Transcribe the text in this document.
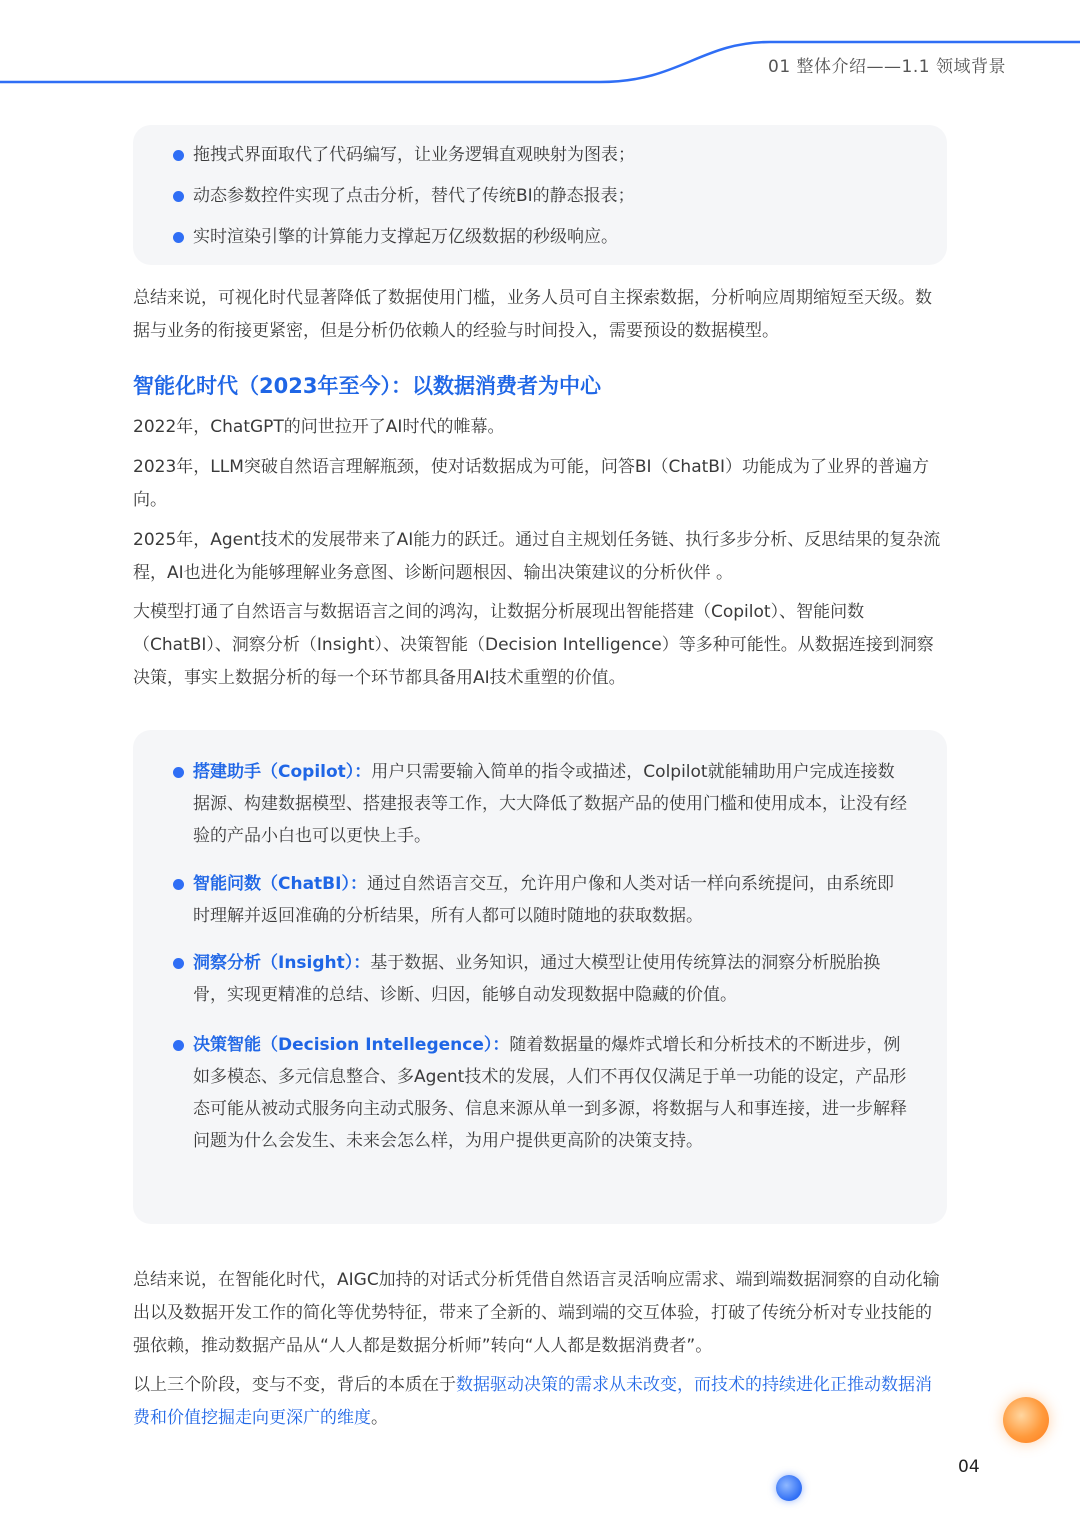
01 整体介绍——1.1 领域背景
拖拽式界面取代了代码编写，让业务逻辑直观映射为图表；
动态参数控件实现了点击分析，替代了传统BI的静态报表；
实时渲染引擎的计算能力支撑起万亿级数据的秒级响应。
总结来说，可视化时代显著降低了数据使用门槛，业务人员可自主探索数据，分析响应周期缩短至天级。数据与业务的衔接更紧密，但是分析仍依赖人的经验与时间投入，需要预设的数据模型。
智能化时代（2023年至今）：以数据消费者为中心
2022年，ChatGPT的问世拉开了AI时代的帷幕。
2023年，LLM突破自然语言理解瓶颈，使对话数据成为可能，问答BI（ChatBI）功能成为了业界的普遍方向。
2025年，Agent技术的发展带来了AI能力的跃迁。通过自主规划任务链、执行多步分析、反思结果的复杂流程，AI也进化为能够理解业务意图、诊断问题根因、输出决策建议的分析伙伴 。
大模型打通了自然语言与数据语言之间的鸿沟，让数据分析展现出智能搭建（Copilot）、智能问数（ChatBI）、洞察分析（Insight）、决策智能（Decision Intelligence）等多种可能性。从数据连接到洞察决策，事实上数据分析的每一个环节都具备用AI技术重塑的价值。
搭建助手（Copilot）：用户只需要输入简单的指令或描述，Colpilot就能辅助用户完成连接数据源、构建数据模型、搭建报表等工作，大大降低了数据产品的使用门槛和使用成本，让没有经验的产品小白也可以更快上手。
智能问数（ChatBI）：通过自然语言交互，允许用户像和人类对话一样向系统提问，由系统即时理解并返回准确的分析结果，所有人都可以随时随地的获取数据。
洞察分析（Insight）：基于数据、业务知识，通过大模型让使用传统算法的洞察分析脱胎换骨，实现更精准的总结、诊断、归因，能够自动发现数据中隐藏的价值。
决策智能（Decision Intellegence）：随着数据量的爆炸式增长和分析技术的不断进步，例如多模态、多元信息整合、多Agent技术的发展，人们不再仅仅满足于单一功能的设定，产品形态可能从被动式服务向主动式服务、信息来源从单一到多源，将数据与人和事连接，进一步解释问题为什么会发生、未来会怎么样，为用户提供更高阶的决策支持。
总结来说，在智能化时代，AIGC加持的对话式分析凭借自然语言灵活响应需求、端到端数据洞察的自动化输出以及数据开发工作的简化等优势特征，带来了全新的、端到端的交互体验，打破了传统分析对专业技能的强依赖，推动数据产品从“人人都是数据分析师”转向“人人都是数据消费者”。
以上三个阶段，变与不变，背后的本质在于数据驱动决策的需求从未改变，而技术的持续进化正推动数据消费和价值挖掘走向更深广的维度。
04
